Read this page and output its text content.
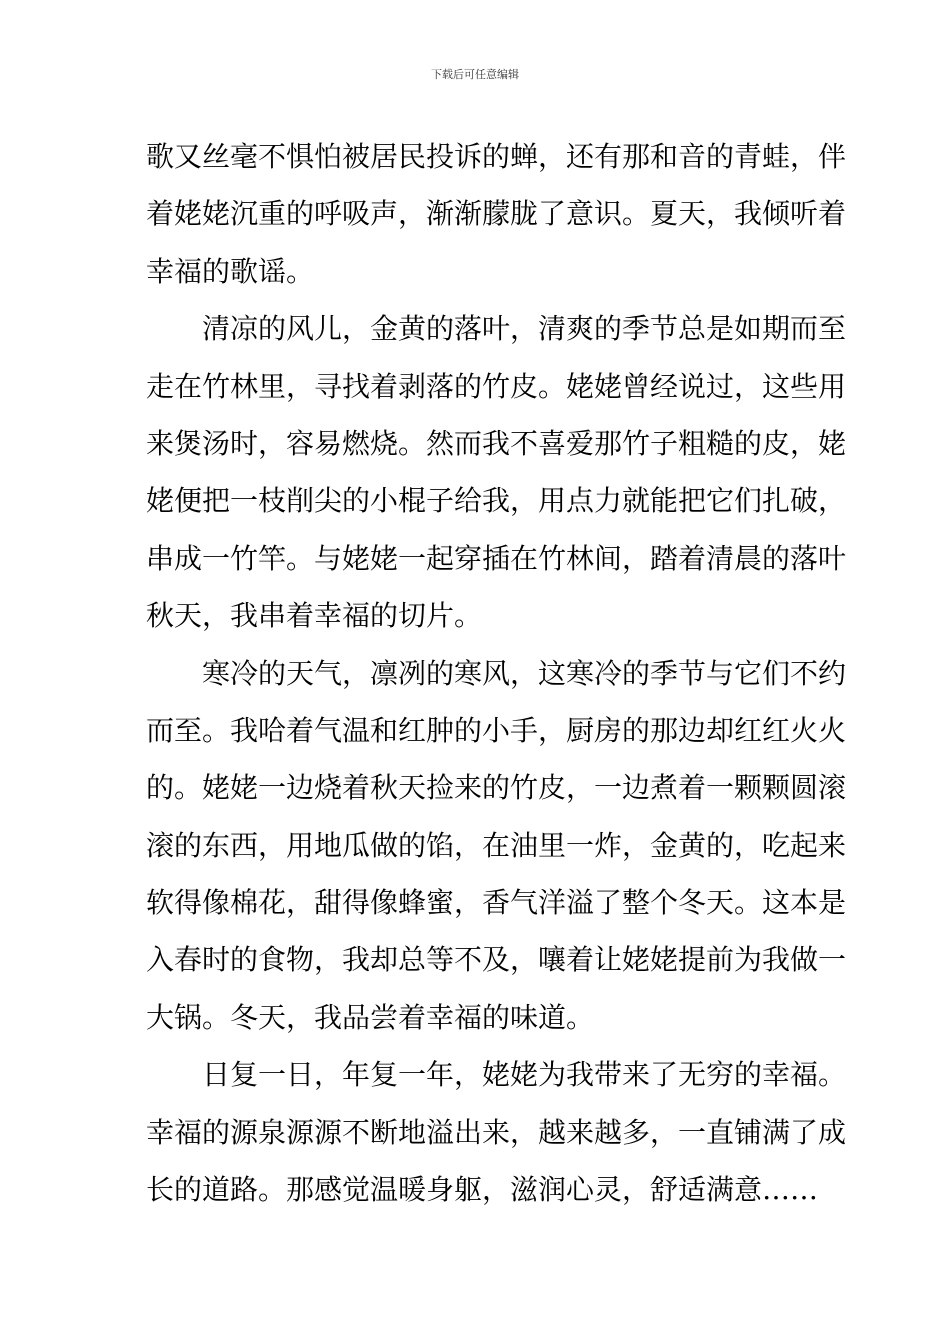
下载后可任意编辑
歌又丝毫不惧怕被居民投诉的蝉，还有那和音的青蛙，伴
着姥姥沉重的呼吸声，渐渐朦胧了意识。夏天，我倾听着
幸福的歌谣。
清凉的风儿，金黄的落叶，清爽的季节总是如期而至
走在竹林里，寻找着剥落的竹皮。姥姥曾经说过，这些用
来煲汤时，容易燃烧。然而我不喜爱那竹子粗糙的皮，姥
姥便把一枝削尖的小棍子给我，用点力就能把它们扎破，
串成一竹竿。与姥姥一起穿插在竹林间，踏着清晨的落叶
秋天，我串着幸福的切片。
寒冷的天气，凛冽的寒风，这寒冷的季节与它们不约
而至。我哈着气温和红肿的小手，厨房的那边却红红火火
的。姥姥一边烧着秋天捡来的竹皮，一边煮着一颗颗圆滚
滚的东西，用地瓜做的馅，在油里一炸，金黄的，吃起来
软得像棉花，甜得像蜂蜜，香气洋溢了整个冬天。这本是
入春时的食物，我却总等不及，嚷着让姥姥提前为我做一
大锅。冬天，我品尝着幸福的味道。
日复一日，年复一年，姥姥为我带来了无穷的幸福。
幸福的源泉源源不断地溢出来，越来越多，一直铺满了成
长的道路。那感觉温暖身躯，滋润心灵，舒适满意……
